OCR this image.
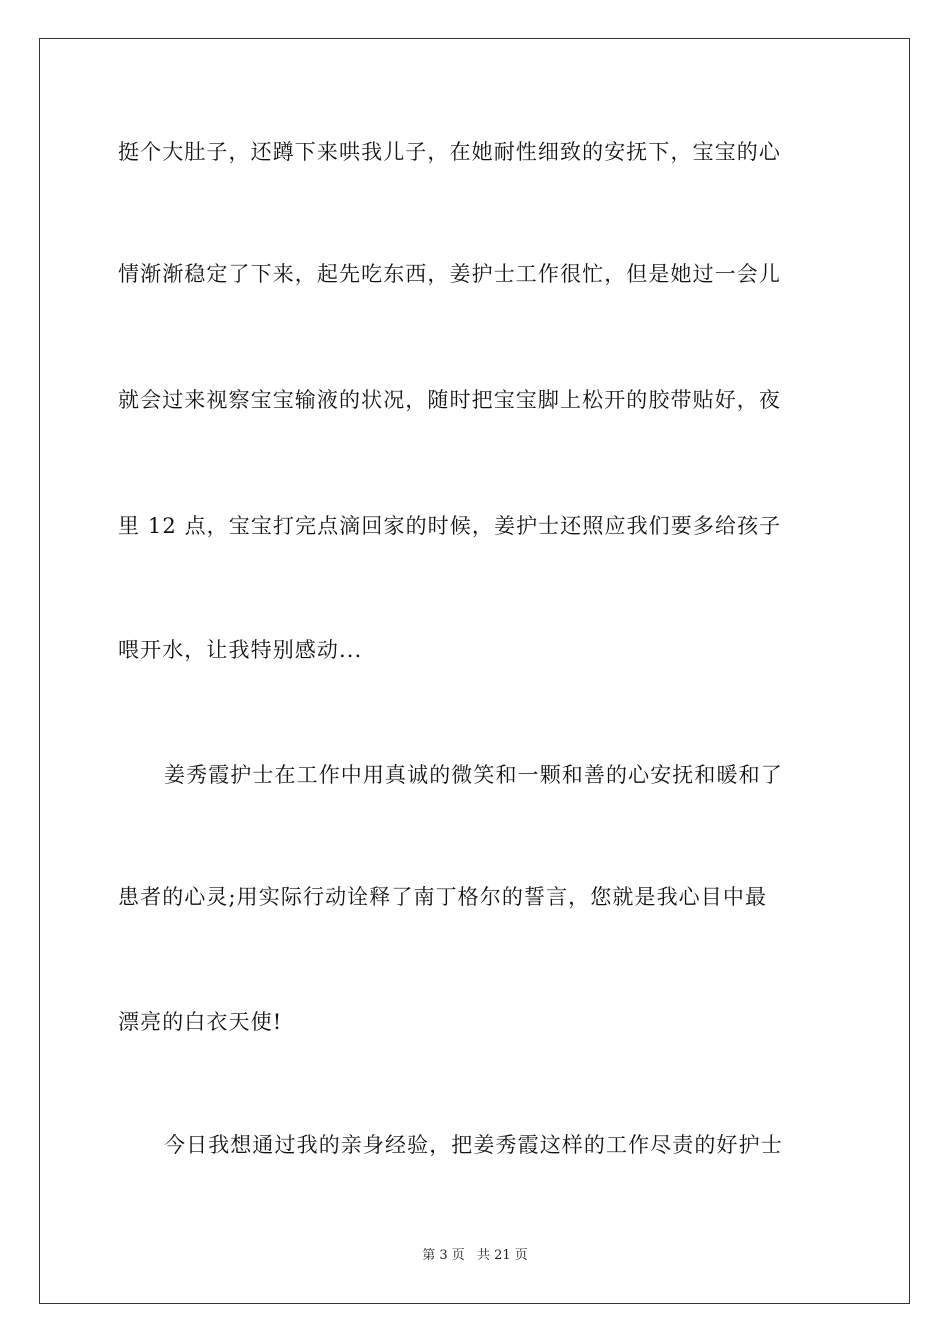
挺个大肚子，还蹲下来哄我儿子，在她耐性细致的安抚下，宝宝的心
情渐渐稳定了下来，起先吃东西，姜护士工作很忙，但是她过一会儿
就会过来视察宝宝输液的状况，随时把宝宝脚上松开的胶带贴好，夜
里 12 点，宝宝打完点滴回家的时候，姜护士还照应我们要多给孩子
喂开水，让我特别感动...
姜秀霞护士在工作中用真诚的微笑和一颗和善的心安抚和暖和了
患者的心灵;用实际行动诠释了南丁格尔的誓言，您就是我心目中最
漂亮的白衣天使!
今日我想通过我的亲身经验，把姜秀霞这样的工作尽责的好护士
第 3 页 共 21 页
